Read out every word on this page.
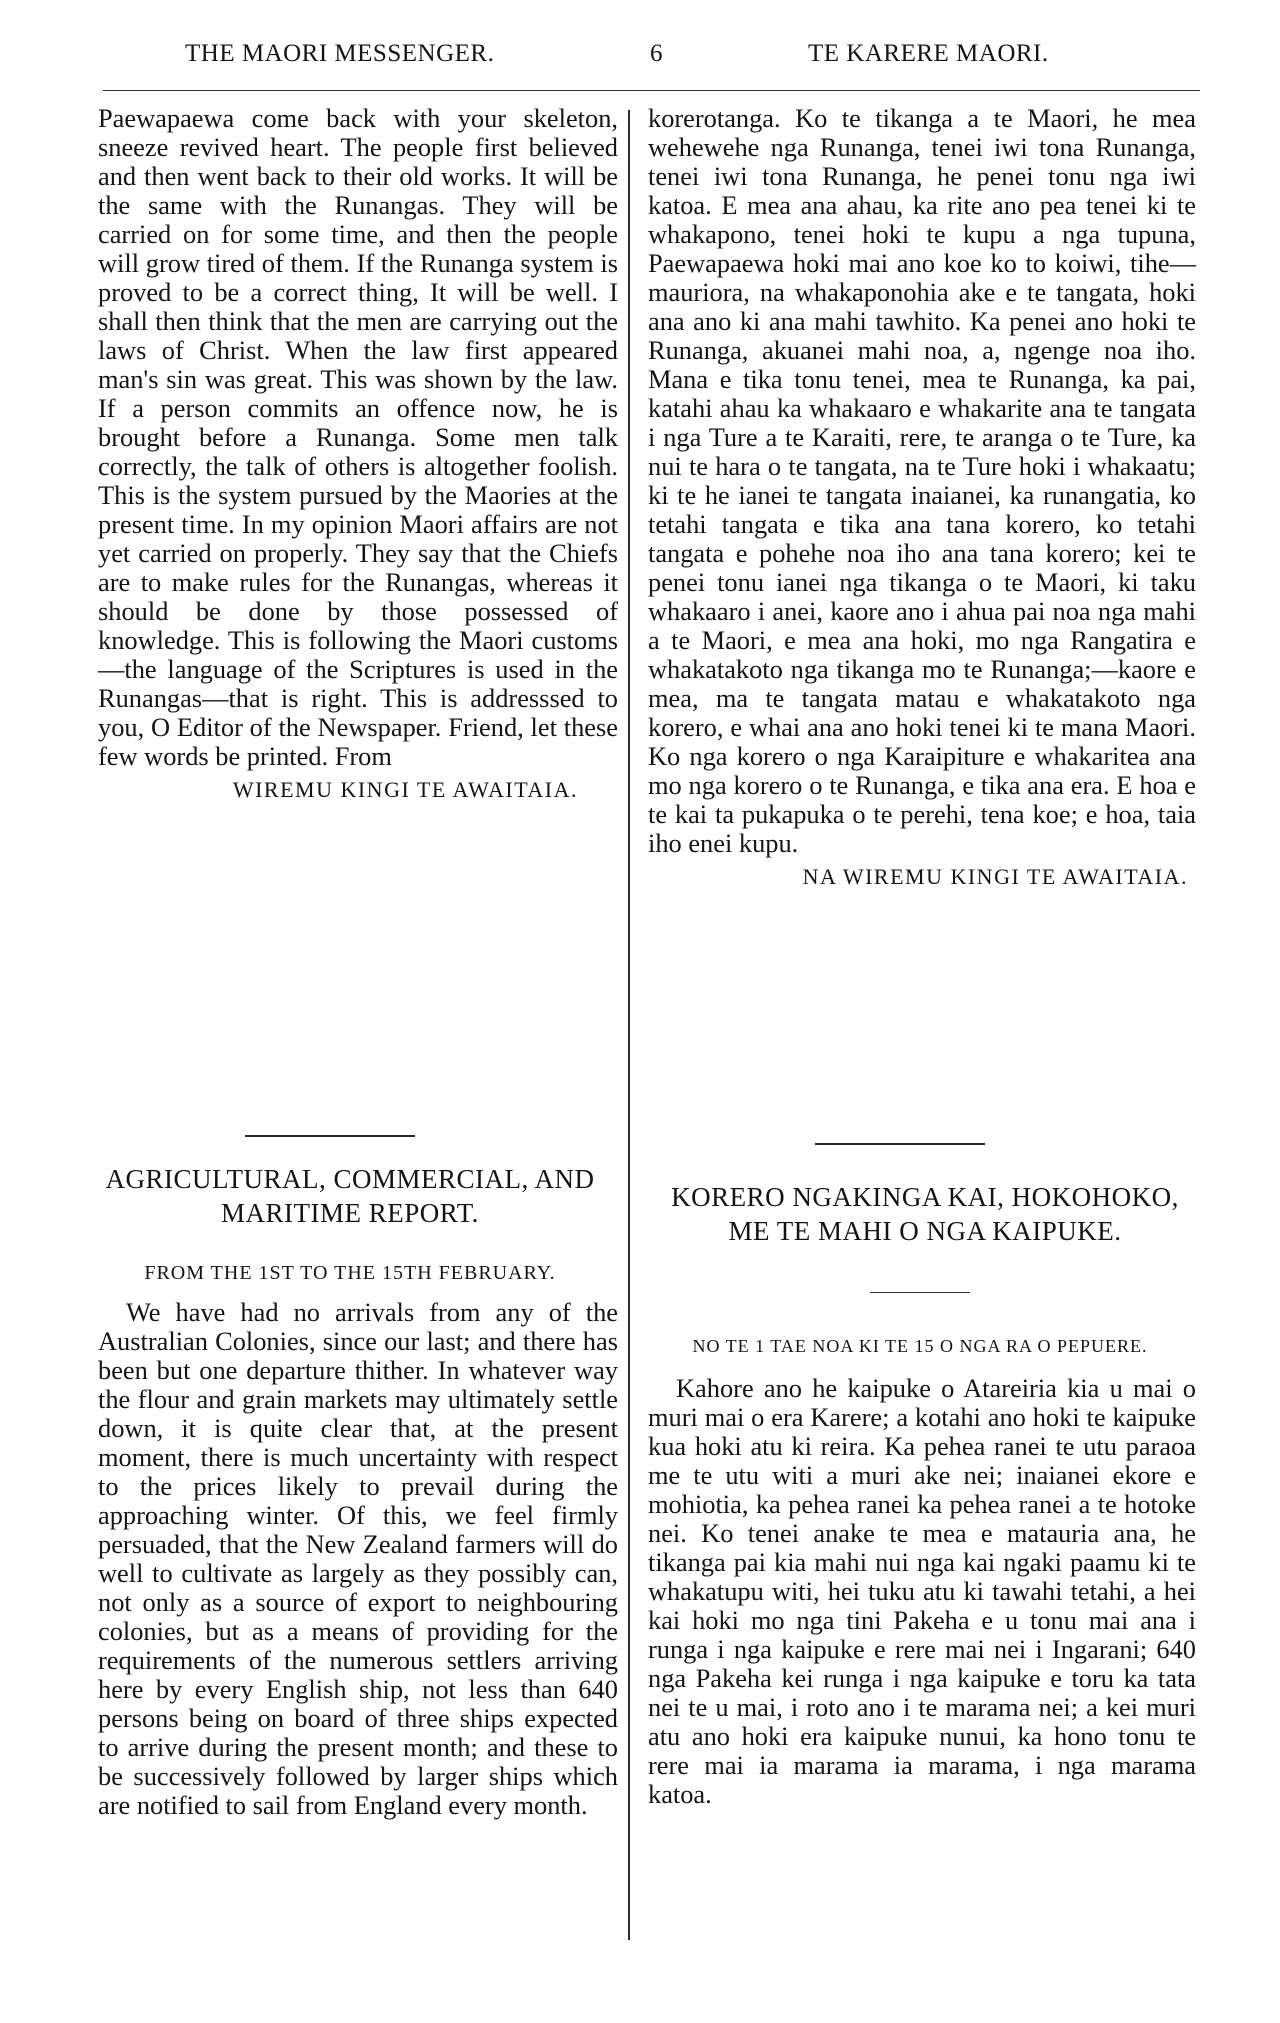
THE MAORI MESSENGER.	6	TE KARERE MAORI.

Paewapaewa come back with your skeleton, sneeze revived heart. The people first believed and then went back to their old works. It will be the same with the Runangas. They will be carried on for some time, and then the people will grow tired of them. If the Runanga system is proved to be a correct thing, It will be well. I shall then think that the men are carrying out the laws of Christ. When the law first appeared man's sin was great. This was shown by the law. If a person commits an offence now, he is brought before a Runanga. Some men talk correctly, the talk of others is altogether foolish. This is the system pursued by the Maories at the present time. In my opinion Maori affairs are not yet carried on properly. They say that the Chiefs are to make rules for the Runangas, whereas it should be done by those possessed of knowledge. This is following the Maori customs—the language of the Scriptures is used in the Runangas—that is right. This is addresssed to you, O Editor of the Newspaper. Friend, let these few words be printed. From

WIREMU KINGI TE AWAITAIA.

korerotanga. Ko te tikanga a te Maori, he mea wehewehe nga Runanga, tenei iwi tona Runanga, tenei iwi tona Runanga, he penei tonu nga iwi katoa. E mea ana ahau, ka rite ano pea tenei ki te whakapono, tenei hoki te kupu a nga tupuna, Paewapaewa hoki mai ano koe ko to koiwi, tihe—mauriora, na whakaponohia ake e te tangata, hoki ana ano ki ana mahi tawhito. Ka penei ano hoki te Runanga, akuanei mahi noa, a, ngenge noa iho. Mana e tika tonu tenei, mea te Runanga, ka pai, katahi ahau ka whakaaro e whakarite ana te tangata i nga Ture a te Karaiti, rere, te aranga o te Ture, ka nui te hara o te tangata, na te Ture hoki i whakaatu; ki te he ianei te tangata inaianei, ka runangatia, ko tetahi tangata e tika ana tana korero, ko tetahi tangata e pohehe noa iho ana tana korero; kei te penei tonu ianei nga tikanga o te Maori, ki taku whakaaro i anei, kaore ano i ahua pai noa nga mahi a te Maori, e mea ana hoki, mo nga Rangatira e whakatakoto nga tikanga mo te Runanga;—kaore e mea, ma te tangata matau e whakatakoto nga korero, e whai ana ano hoki tenei ki te mana Maori. Ko nga korero o nga Karaipiture e whakaritea ana mo nga korero o te Runanga, e tika ana era. E hoa e te kai ta pukapuka o te perehi, tena koe; e hoa, taia iho enei kupu.

NA WIREMU KINGI TE AWAITAIA.
AGRICULTURAL, COMMERCIAL, AND
MARITIME REPORT.
FROM THE 1ST TO THE 15TH FEBRUARY.

We have had no arrivals from any of the Australian Colonies, since our last; and there has been but one departure thither. In whatever way the flour and grain markets may ultimately settle down, it is quite clear that, at the present moment, there is much uncertainty with respect to the prices likely to prevail during the approaching winter. Of this, we feel firmly persuaded, that the New Zealand farmers will do well to cultivate as largely as they possibly can, not only as a source of export to neighbouring colonies, but as a means of providing for the requirements of the numerous settlers arriving here by every English ship, not less than 640 persons being on board of three ships expected to arrive during the present month; and these to be successively followed by larger ships which are notified to sail from England every month.

KORERO NGAKINGA KAI, HOKOHOKO,
ME TE MAHI O NGA KAIPUKE.
NO TE 1 TAE NOA KI TE 15 O NGA RA O PEPUERE.

Kahore ano he kaipuke o Atareiria kia u mai o muri mai o era Karere; a kotahi ano hoki te kaipuke kua hoki atu ki reira. Ka pehea ranei te utu paraoa me te utu witi a muri ake nei; inaianei ekore e mohiotia, ka pehea ranei ka pehea ranei a te hotoke nei. Ko tenei anake te mea e matauria ana, he tikanga pai kia mahi nui nga kai ngaki paamu ki te whakatupu witi, hei tuku atu ki tawahi tetahi, a hei kai hoki mo nga tini Pakeha e u tonu mai ana i runga i nga kaipuke e rere mai nei i Ingarani; 640 nga Pakeha kei runga i nga kaipuke e toru ka tata nei te u mai, i roto ano i te marama nei; a kei muri atu ano hoki era kaipuke nunui, ka hono tonu te rere mai ia marama ia marama, i nga marama katoa.
